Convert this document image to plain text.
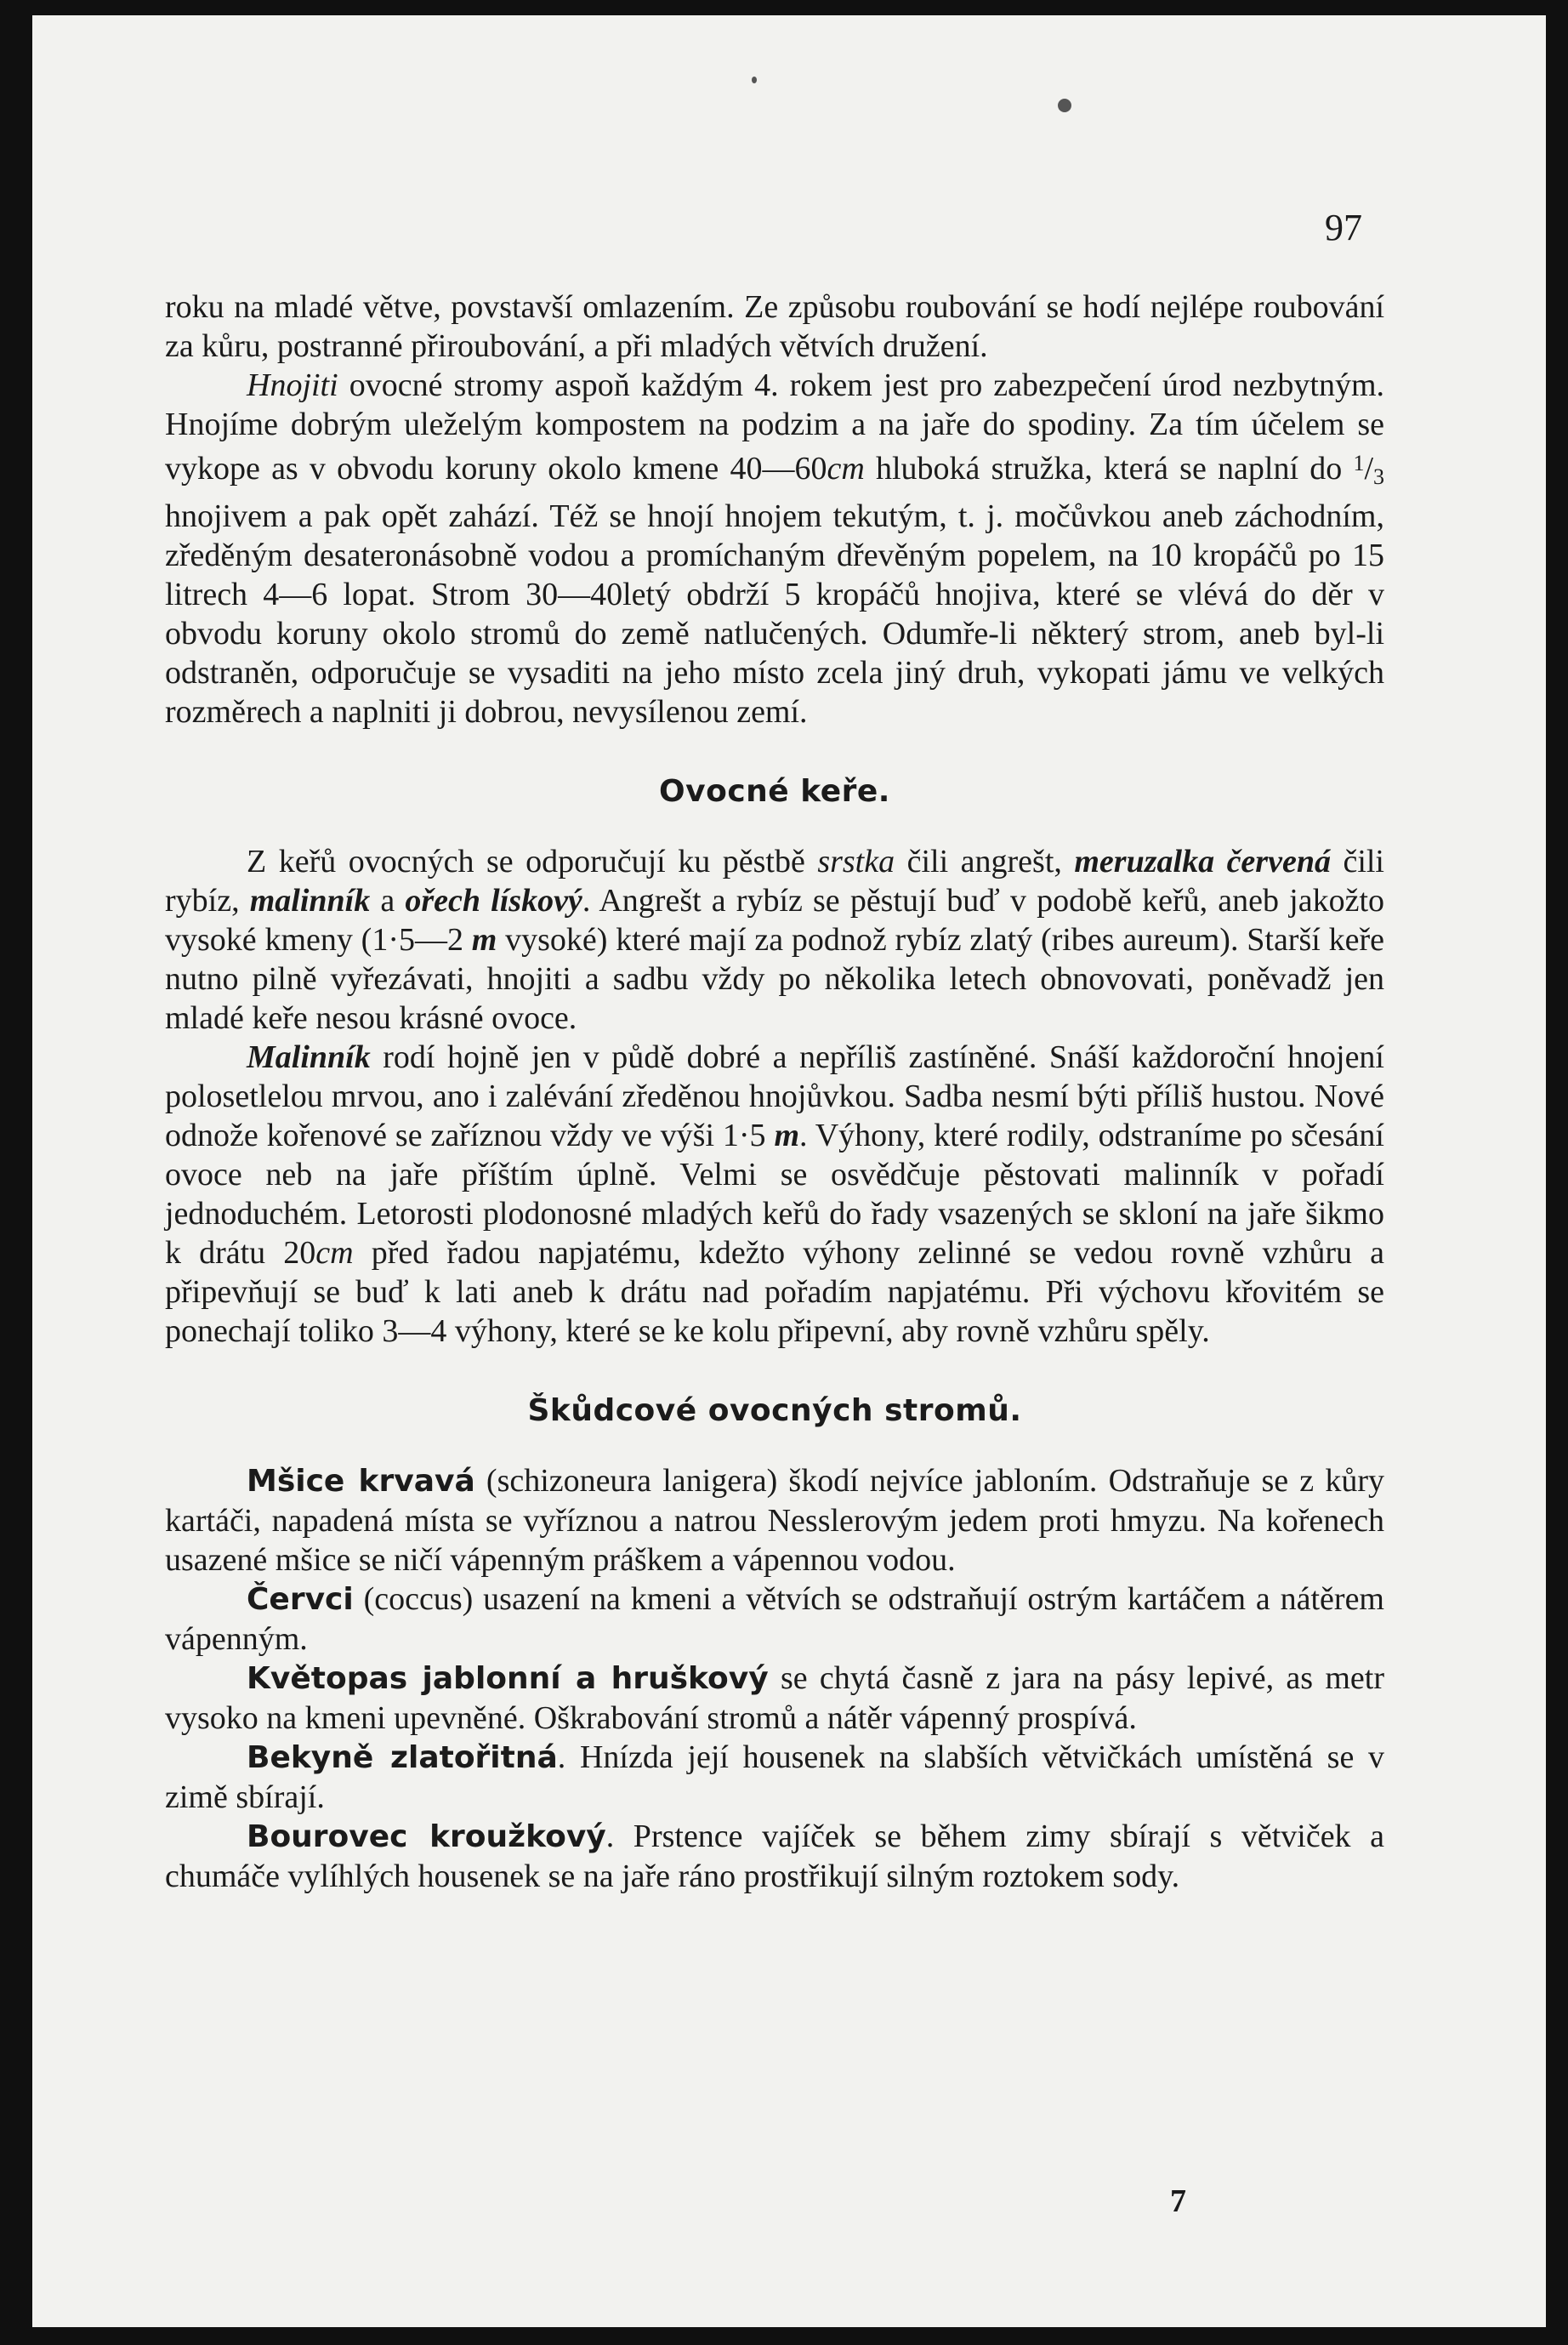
97

roku na mladé větve, povstavší omlazením. Ze způsobu roubování se hodí nejlépe roubování za kůru, postranné přiroubování, a při mladých větvích družení.

Hnojiti ovocné stromy aspoň každým 4. rokem jest pro zabezpečení úrod nezbytným. Hnojíme dobrým uleželým kompostem na podzim a na jaře do spodiny. Za tím účelem se vykope as v obvodu koruny okolo kmene 40—60cm hluboká stružka, která se naplní do $^1/_3$ hnojivem a pak opět zahází. Též se hnojí hnojem tekutým, t. j. močůvkou aneb záchodním, zředěným desateronásobně vodou a promíchaným dřevěným popelem, na 10 kropáčů po 15 litrech 4—6 lopat. Strom 30—40letý obdrží 5 kropáčů hnojiva, které se vlévá do děr v obvodu koruny okolo stromů do země natlučených. Odumře-li některý strom, aneb byl-li odstraněn, odporučuje se vysaditi na jeho místo zcela jiný druh, vykopati jámu ve velkých rozměrech a naplniti ji dobrou, nevysílenou zemí.

Ovocné keře.

Z keřů ovocných se odporučují ku pěstbě srstka čili angrešt, meruzalka červená čili rybíz, malinník a ořech lískový. Angrešt a rybíz se pěstují buď v podobě keřů, aneb jakožto vysoké kmeny (1·5—2 m vysoké) které mají za podnož rybíz zlatý (ribes aureum). Starší keře nutno pilně vyřezávati, hnojiti a sadbu vždy po několika letech obnovovati, poněvadž jen mladé keře nesou krásné ovoce.

Malinník rodí hojně jen v půdě dobré a nepříliš zastíněné. Snáší každoroční hnojení polosetlelou mrvou, ano i zalévání zředěnou hnojůvkou. Sadba nesmí býti příliš hustou. Nové odnože kořenové se zaříznou vždy ve výši 1·5 m. Výhony, které rodily, odstraníme po sčesání ovoce neb na jaře příštím úplně. Velmi se osvědčuje pěstovati malinník v pořadí jednoduchém. Letorosti plodonosné mladých keřů do řady vsazených se skloní na jaře šikmo k drátu 20cm před řadou napjatému, kdežto výhony zelinné se vedou rovně vzhůru a připevňují se buď k lati aneb k drátu nad pořadím napjatému. Při výchovu křovitém se ponechají toliko 3—4 výhony, které se ke kolu připevní, aby rovně vzhůru spěly.

Škůdcové ovocných stromů.

Mšice krvavá (schizoneura lanigera) škodí nejvíce jabloním. Odstraňuje se z kůry kartáči, napadená místa se vyříznou a natrou Nesslerovým jedem proti hmyzu. Na kořenech usazené mšice se ničí vápenným práškem a vápennou vodou.

Červci (coccus) usazení na kmeni a větvích se odstraňují ostrým kartáčem a nátěrem vápenným.

Květopas jablonní a hruškový se chytá časně z jara na pásy lepivé, as metr vysoko na kmeni upevněné. Oškrabování stromů a nátěr vápenný prospívá.

Bekyně zlatořitná. Hnízda její housenek na slabších větvičkách umístěná se v zimě sbírají.

Bourovec kroužkový. Prstence vajíček se během zimy sbírají s větviček a chumáče vylíhlých housenek se na jaře ráno prostřikují silným roztokem sody.

7
